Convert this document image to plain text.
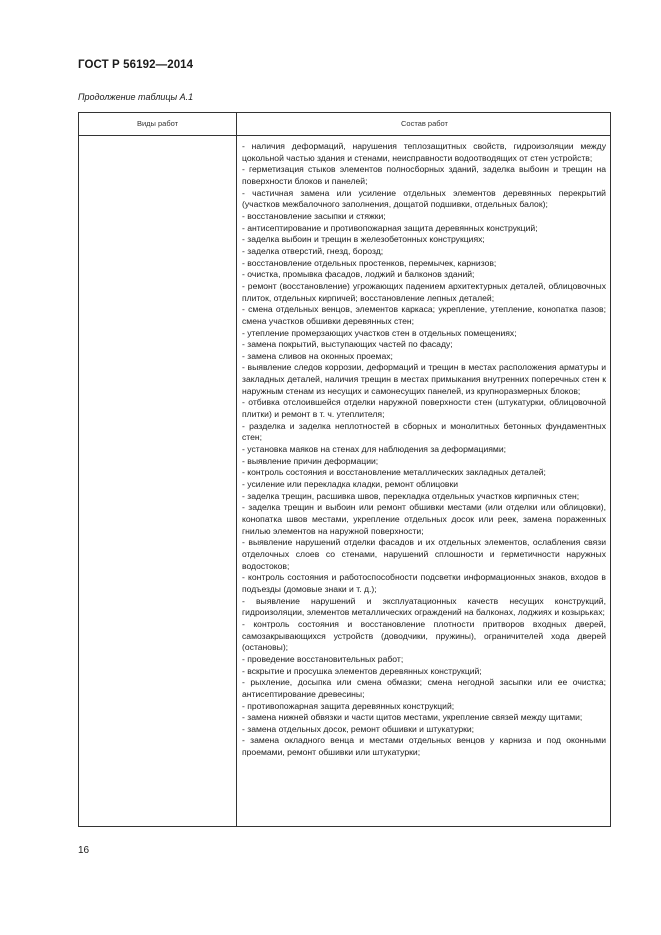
ГОСТ Р 56192—2014
Продолжение таблицы А.1
Виды работ	Состав работ

- наличия деформаций, нарушения теплозащитных свойств, гидроизоляции между цокольной частью здания и стенами, неисправности водоотводящих от стен устройств;

- герметизация стыков элементов полносборных зданий, заделка выбоин и трещин на поверхности блоков и панелей;

- частичная замена или усиление отдельных элементов деревянных перекрытий (участков межбалочного заполнения, дощатой подшивки, отдельных балок);

- восстановление засыпки и стяжки;

- антисептирование и противопожарная защита деревянных конструкций;

- заделка выбоин и трещин в железобетонных конструкциях;

- заделка отверстий, гнезд, борозд;

- восстановление отдельных простенков, перемычек, карнизов;

- очистка, промывка фасадов, лоджий и балконов зданий;

- ремонт (восстановление) угрожающих падением архитектурных деталей, облицовочных плиток, отдельных кирпичей; восстановление лепных деталей;

- смена отдельных венцов, элементов каркаса; укрепление, утепление, конопатка пазов; смена участков обшивки деревянных стен;

- утепление промерзающих участков стен в отдельных помещениях;

- замена покрытий, выступающих частей по фасаду;

- замена сливов на оконных проемах;

- выявление следов коррозии, деформаций и трещин в местах расположения арматуры и закладных деталей, наличия трещин в местах примыкания внутренних поперечных стен к наружным стенам из несущих и самонесущих панелей, из крупноразмерных блоков;

- отбивка отслоившейся отделки наружной поверхности стен (штукатурки, облицовочной плитки) и ремонт в т. ч. утеплителя;

- разделка и заделка неплотностей в сборных и монолитных бетонных фундаментных стен;

- установка маяков на стенах для наблюдения за деформациями;

- выявление причин деформации;

- контроль состояния и восстановление металлических закладных деталей;

- усиление или перекладка кладки, ремонт облицовки

- заделка трещин, расшивка швов, перекладка отдельных участков кирпичных стен;

- заделка трещин и выбоин или ремонт обшивки местами (или отделки или облицовки), конопатка швов местами, укрепление отдельных досок или реек, замена пораженных гнилью элементов на наружной поверхности;

- выявление нарушений отделки фасадов и их отдельных элементов, ослабления связи отделочных слоев со стенами, нарушений сплошности и герметичности наружных водостоков;

- контроль состояния и работоспособности подсветки информационных знаков, входов в подъезды (домовые знаки и т. д.);

- выявление нарушений и эксплуатационных качеств несущих конструкций, гидроизоляции, элементов металлических ограждений на балконах, лоджиях и козырьках;

- контроль состояния и восстановление плотности притворов входных дверей, самозакрывающихся устройств (доводчики, пружины), ограничителей хода дверей (остановы);

- проведение восстановительных работ;

- вскрытие и просушка элементов деревянных конструкций;

- рыхление, досыпка или смена обмазки; смена негодной засыпки или ее очистка; антисептирование древесины;

- противопожарная защита деревянных конструкций;

- замена нижней обвязки и части щитов местами, укрепление связей между щитами;

- замена отдельных досок, ремонт обшивки и штукатурки;

- замена окладного венца и местами отдельных венцов у карниза и под оконными проемами, ремонт обшивки или штукатурки;

16
